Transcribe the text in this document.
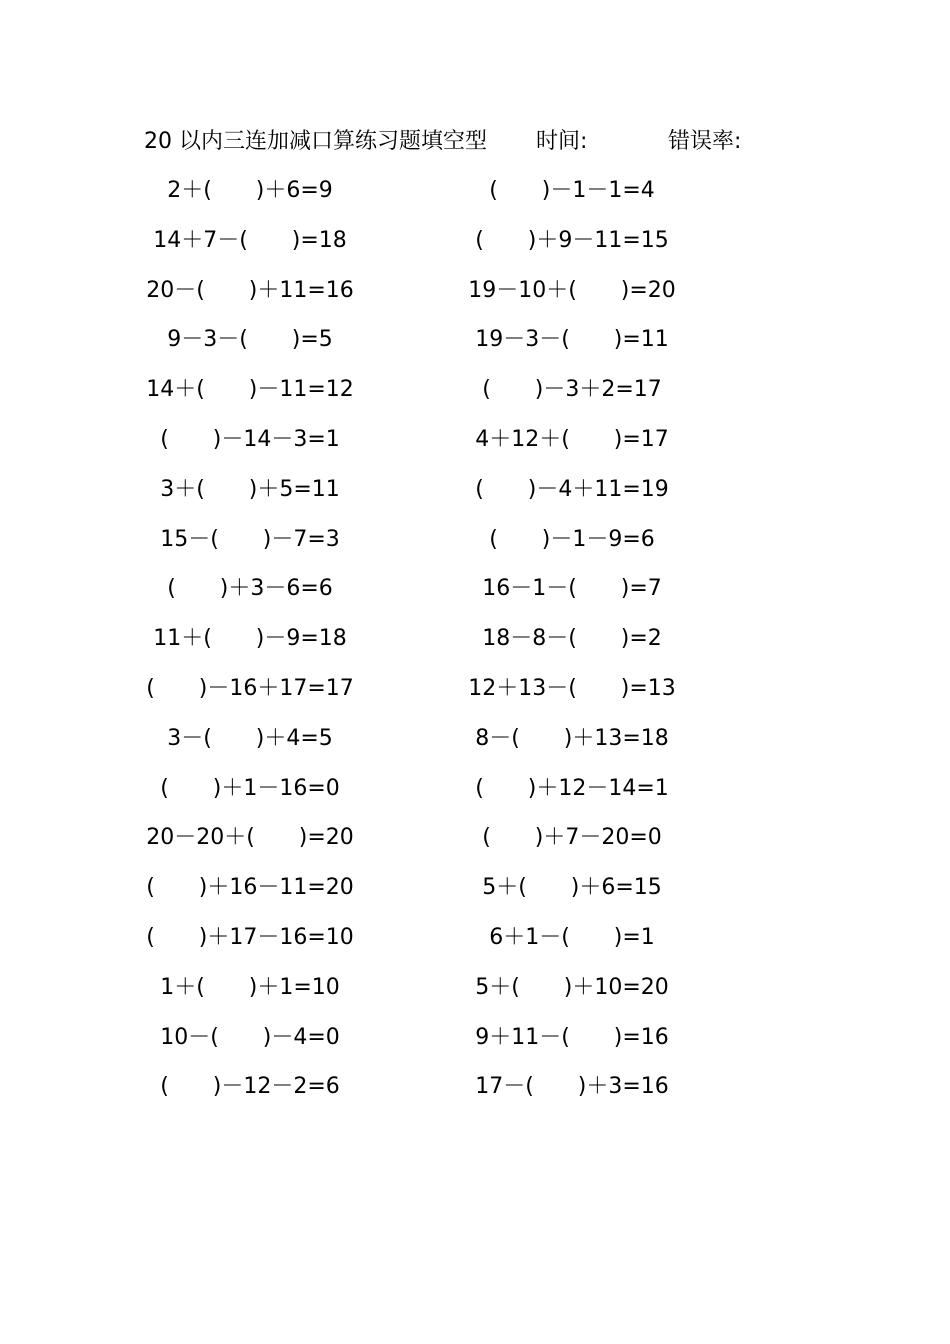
20 以内三连加减口算练习题填空型 时间:	错误率:
2＋(　　)＋6=9	(　　)－1－1=4
14＋7－(　　)=18	(　　)＋9－11=15
20－(　　)＋11=16	19－10＋(　　)=20
9－3－(　　)=5	19－3－(　　)=11
14＋(　　)－11=12	(　　)－3＋2=17
(　　)－14－3=1	4＋12＋(　　)=17
3＋(　　)＋5=11	(　　)－4＋11=19
15－(　　)－7=3	(　　)－1－9=6
(　　)＋3－6=6	16－1－(　　)=7
11＋(　　)－9=18	18－8－(　　)=2
(　　)－16＋17=17	12＋13－(　　)=13
3－(　　)＋4=5	8－(　　)＋13=18
(　　)＋1－16=0	(　　)＋12－14=1
20－20＋(　　)=20	(　　)＋7－20=0
(　　)＋16－11=20	5＋(　　)＋6=15
(　　)＋17－16=10	6＋1－(　　)=1
1＋(　　)＋1=10	5＋(　　)＋10=20
10－(　　)－4=0	9＋11－(　　)=16
(　　)－12－2=6	17－(　　)＋3=16
